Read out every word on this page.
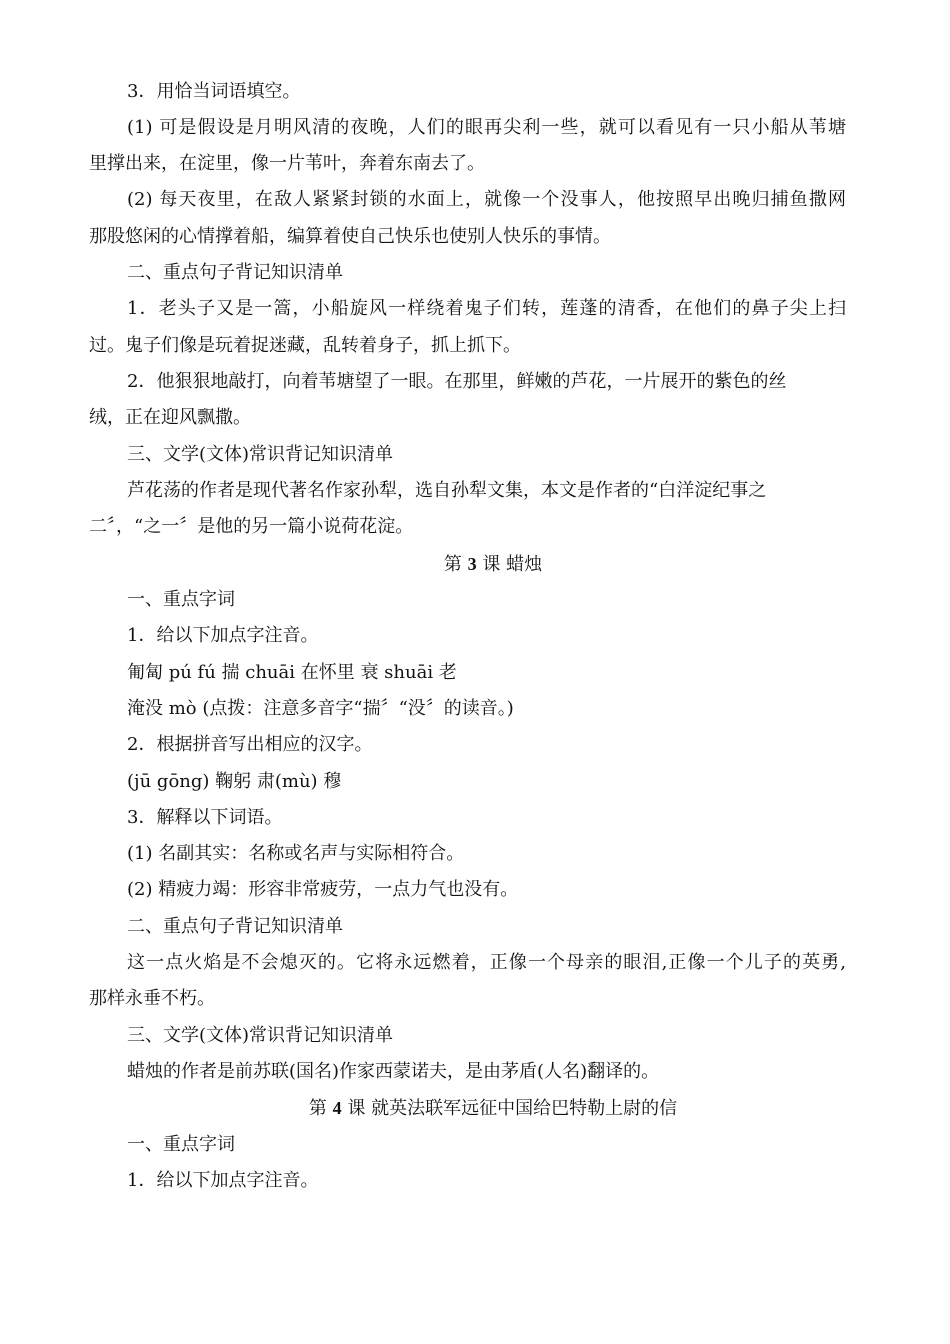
3．用恰当词语填空。
(1) 可是假设是月明风清的夜晚，人们的眼再尖利一些，就可以看见有一只小船从苇塘
里撑出来，在淀里，像一片苇叶，奔着东南去了。
(2) 每天夜里，在敌人紧紧封锁的水面上，就像一个没事人，他按照早出晚归捕鱼撒网
那股悠闲的心情撑着船，编算着使自己快乐也使别人快乐的事情。
二、重点句子背记知识清单
1．老头子又是一篙，小船旋风一样绕着鬼子们转，莲蓬的清香，在他们的鼻子尖上扫
过。鬼子们像是玩着捉迷藏，乱转着身子，抓上抓下。
2．他狠狠地敲打，向着苇塘望了一眼。在那里，鲜嫩的芦花，一片展开的紫色的丝
绒，正在迎风飘撒。
三、文学(文体)常识背记知识清单
芦花荡的作者是现代著名作家孙犁，选自孙犁文集，本文是作者的“白洋淀纪事之
二〞，“之一〞是他的另一篇小说荷花淀。
第 3 课 蜡烛
一、重点字词
1．给以下加点字注音。
匍匐 pú fú 揣 chuāi 在怀里 衰 shuāi 老
淹没 mò (点拨：注意多音字“揣〞“没〞的读音。)
2．根据拼音写出相应的汉字。
(jū gōng) 鞠躬 肃(mù) 穆
3．解释以下词语。
(1) 名副其实：名称或名声与实际相符合。
(2) 精疲力竭：形容非常疲劳，一点力气也没有。
二、重点句子背记知识清单
这一点火焰是不会熄灭的。它将永远燃着，正像一个母亲的眼泪,正像一个儿子的英勇,
那样永垂不朽。
三、文学(文体)常识背记知识清单
蜡烛的作者是前苏联(国名)作家西蒙诺夫，是由茅盾(人名)翻译的。
第 4 课 就英法联军远征中国给巴特勒上尉的信
一、重点字词
1．给以下加点字注音。
